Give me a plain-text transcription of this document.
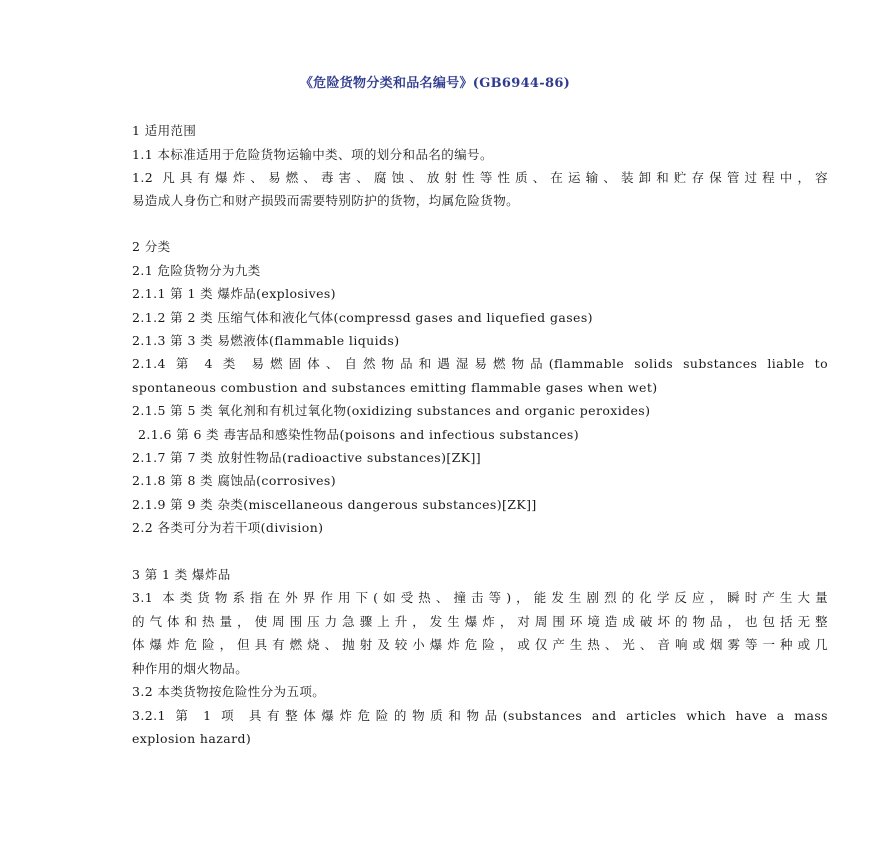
《危险货物分类和品名编号》(GB6944-86)
1 适用范围
1.1 本标准适用于危险货物运输中类、项的划分和品名的编号。
1.2 凡具有爆炸、易燃、毒害、腐蚀、放射性等性质、在运输、装卸和贮存保管过程中，容
易造成人身伤亡和财产损毁而需要特别防护的货物，均属危险货物。
2 分类
2.1 危险货物分为九类
2.1.1 第 1 类 爆炸品(explosives)
2.1.2 第 2 类 压缩气体和液化气体(compressd gases and liquefied gases)
2.1.3 第 3 类 易燃液体(flammable liquids)
2.1.4 第 4 类 易燃固体、自然物品和遇湿易燃物品(flammable solids substances liable to
spontaneous combustion and substances emitting flammable gases when wet)
2.1.5 第 5 类 氧化剂和有机过氧化物(oxidizing substances and organic peroxides)
2.1.6 第 6 类 毒害品和感染性物品(poisons and infectious substances)
2.1.7 第 7 类 放射性物品(radioactive substances)[ZK]]
2.1.8 第 8 类 腐蚀品(corrosives)
2.1.9 第 9 类 杂类(miscellaneous dangerous substances)[ZK]]
2.2 各类可分为若干项(division)
3 第 1 类 爆炸品
3.1 本类货物系指在外界作用下(如受热、撞击等)，能发生剧烈的化学反应，瞬时产生大量
的气体和热量，使周围压力急骤上升，发生爆炸，对周围环境造成破坏的物品，也包括无整
体爆炸危险，但具有燃烧、抛射及较小爆炸危险，或仅产生热、光、音响或烟雾等一种或几
种作用的烟火物品。
3.2 本类货物按危险性分为五项。
3.2.1 第 1 项 具有整体爆炸危险的物质和物品(substances and articles which have a mass
explosion hazard)
